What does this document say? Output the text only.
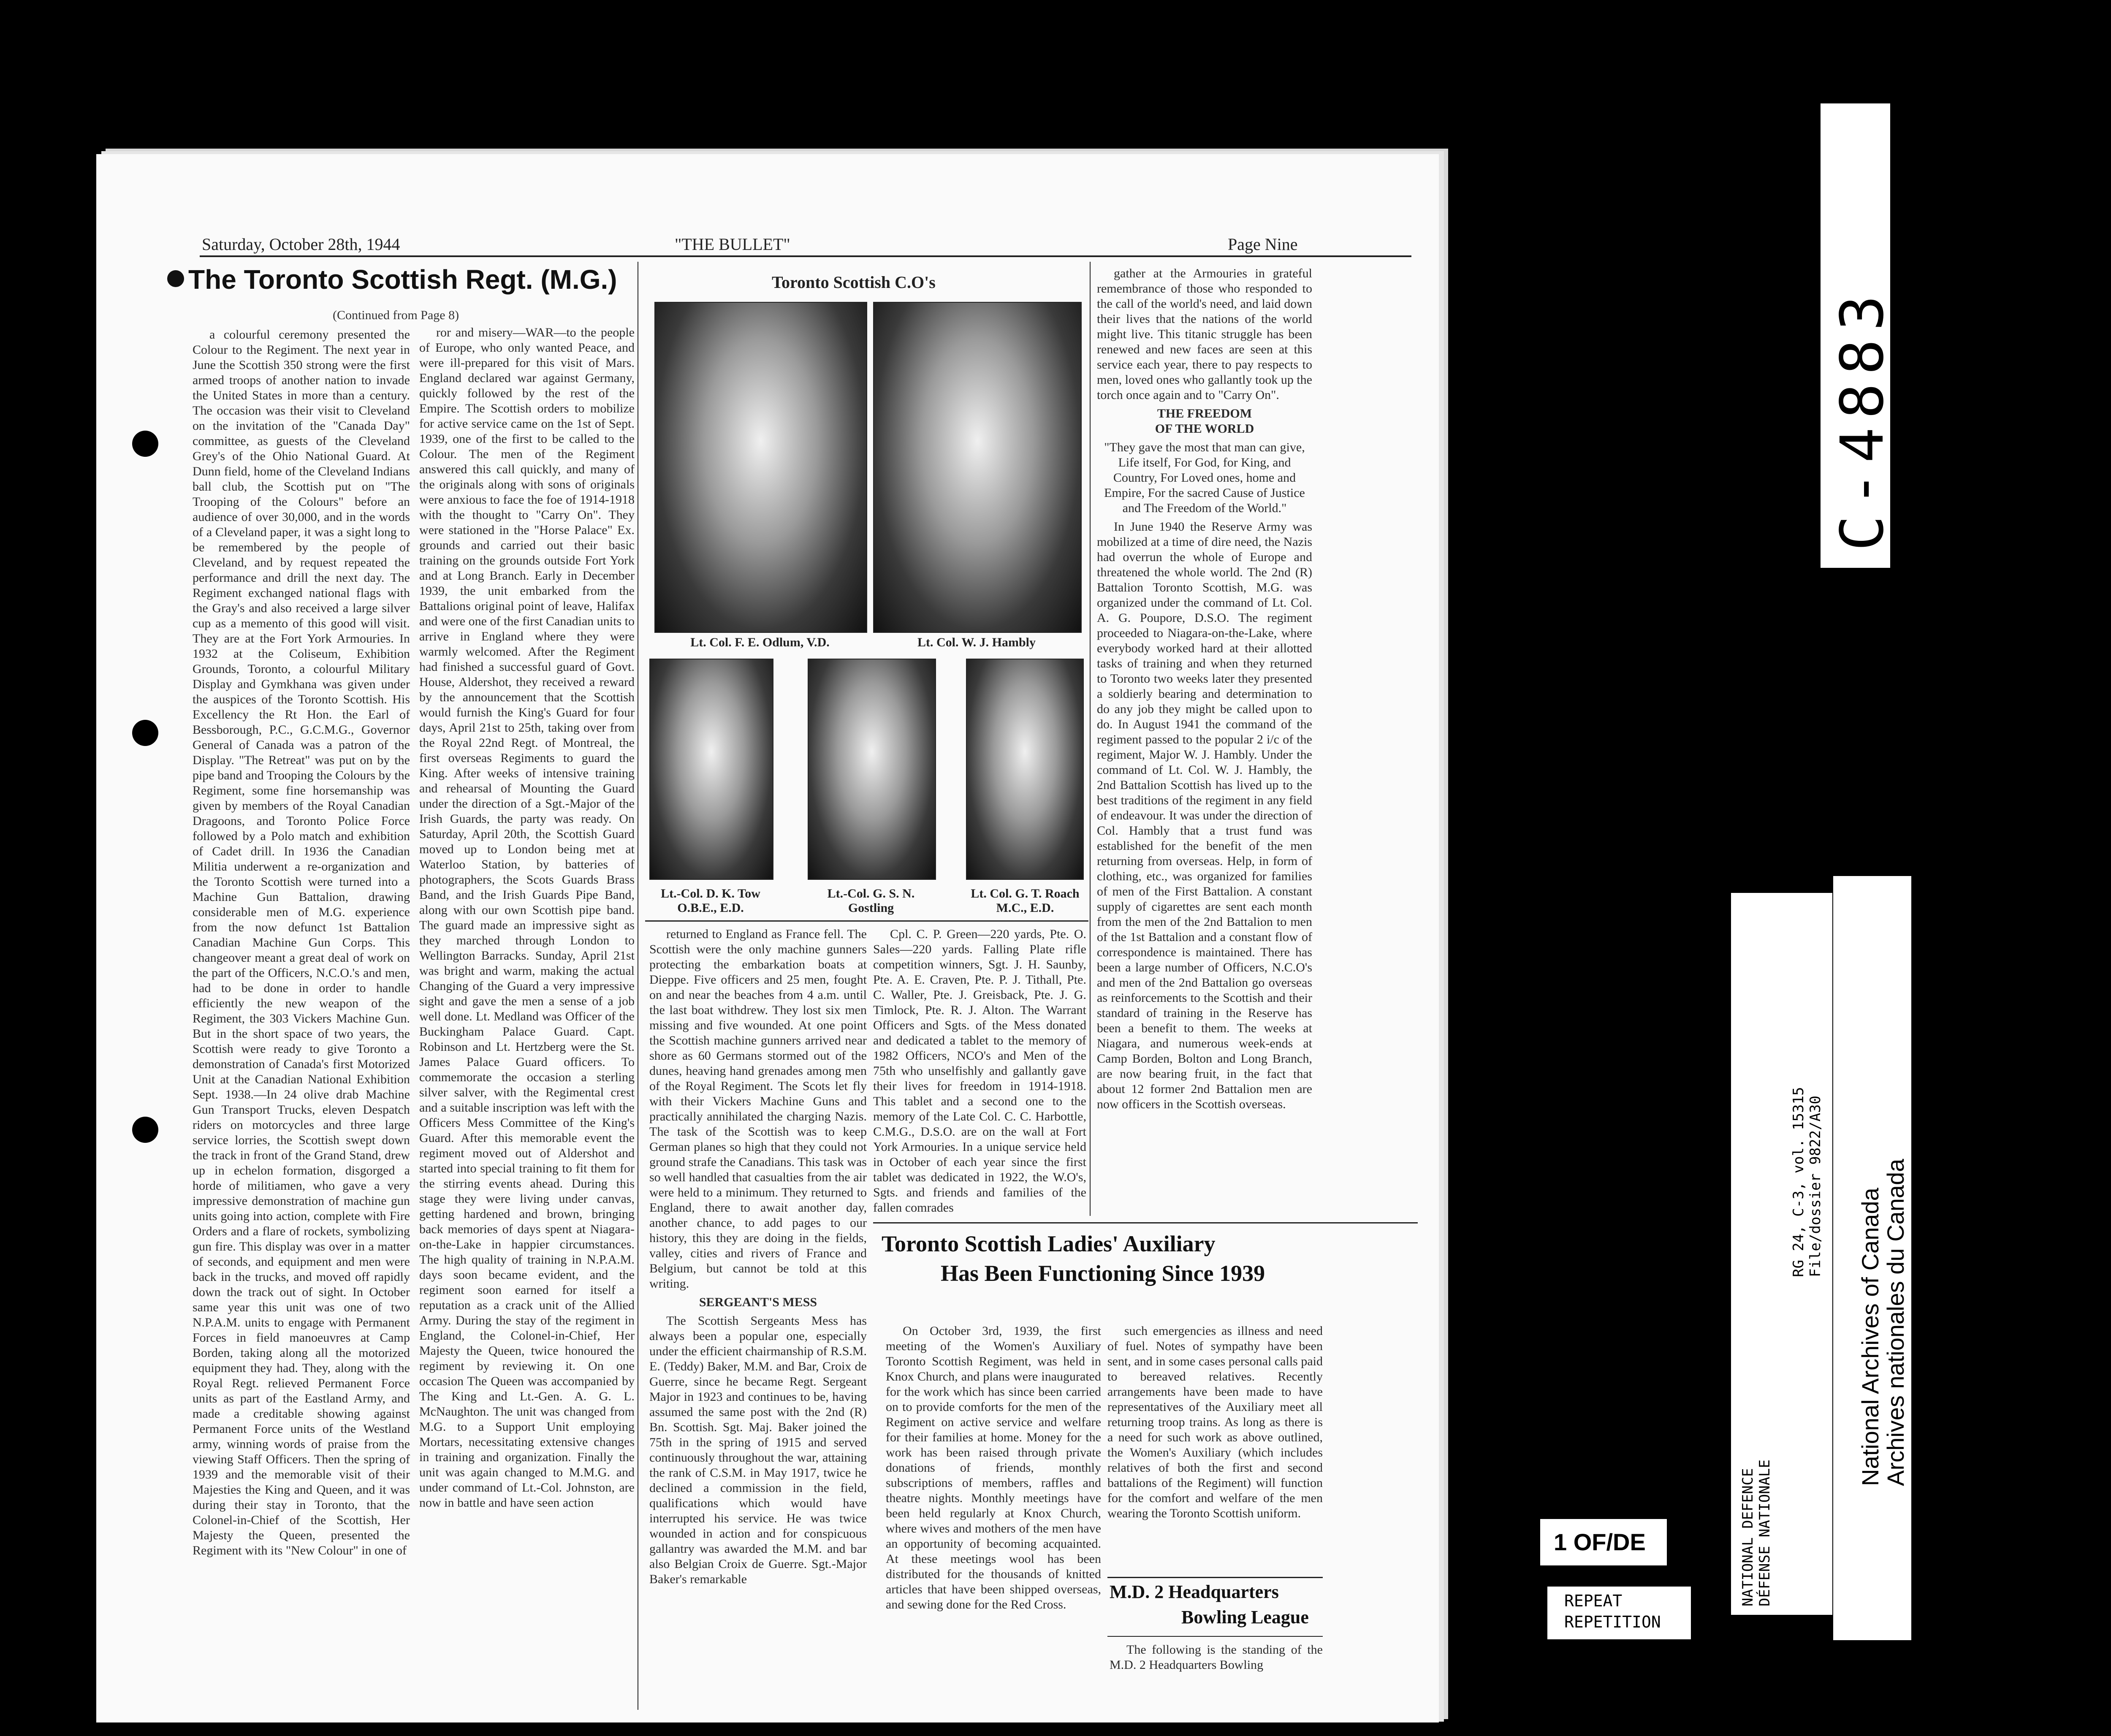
Saturday, October 28th, 1944	"THE BULLET"	Page Nine
The Toronto Scottish Regt. (M.G.)
(Continued from Page 8)

a colourful ceremony presented the Colour to the Regiment. The next year in June the Scottish 350 strong were the first armed troops of another nation to invade the United States in more than a century. The occasion was their visit to Cleveland on the invitation of the "Canada Day" committee, as guests of the Cleveland Grey's of the Ohio National Guard. At Dunn field, home of the Cleveland Indians ball club, the Scottish put on "The Trooping of the Colours" before an audience of over 30,000, and in the words of a Cleveland paper, it was a sight long to be remembered by the people of Cleveland, and by request repeated the performance and drill the next day. The Regiment exchanged national flags with the Gray's and also received a large silver cup as a memento of this good will visit. They are at the Fort York Armouries. In 1932 at the Coliseum, Exhibition Grounds, Toronto, a colourful Military Display and Gymkhana was given under the auspices of the Toronto Scottish. His Excellency the Rt Hon. the Earl of Bessborough, P.C., G.C.M.G., Governor General of Canada was a patron of the Display. "The Retreat" was put on by the pipe band and Trooping the Colours by the Regiment, some fine horsemanship was given by members of the Royal Canadian Dragoons, and Toronto Police Force followed by a Polo match and exhibition of Cadet drill. In 1936 the Canadian Militia underwent a re-organization and the Toronto Scottish were turned into a Machine Gun Battalion, drawing considerable men of M.G. experience from the now defunct 1st Battalion Canadian Machine Gun Corps. This changeover meant a great deal of work on the part of the Officers, N.C.O.'s and men, had to be done in order to handle efficiently the new weapon of the Regiment, the 303 Vickers Machine Gun. But in the short space of two years, the Scottish were ready to give Toronto a demonstration of Canada's first Motorized Unit at the Canadian National Exhibition Sept. 1938.—In 24 olive drab Machine Gun Transport Trucks, eleven Despatch riders on motorcycles and three large service lorries, the Scottish swept down the track in front of the Grand Stand, drew up in echelon formation, disgorged a horde of militiamen, who gave a very impressive demonstration of machine gun units going into action, complete with Fire Orders and a flare of rockets, symbolizing gun fire. This display was over in a matter of seconds, and equipment and men were back in the trucks, and moved off rapidly down the track out of sight. In October same year this unit was one of two N.P.A.M. units to engage with Permanent Forces in field manoeuvres at Camp Borden, taking along all the motorized equipment they had. They, along with the Royal Regt. relieved Permanent Force units as part of the Eastland Army, and made a creditable showing against Permanent Force units of the Westland army, winning words of praise from the viewing Staff Officers. Then the spring of 1939 and the memorable visit of their Majesties the King and Queen, and it was during their stay in Toronto, that the Colonel-in-Chief of the Scottish, Her Majesty the Queen, presented the Regiment with its "New Colour" in one of

ror and misery—WAR—to the people of Europe, who only wanted Peace, and were ill-prepared for this visit of Mars. England declared war against Germany, quickly followed by the rest of the Empire. The Scottish orders to mobilize for active service came on the 1st of Sept. 1939, one of the first to be called to the Colour. The men of the Regiment answered this call quickly, and many of the originals along with sons of originals were anxious to face the foe of 1914-1918 with the thought to "Carry On". They were stationed in the "Horse Palace" Ex. grounds and carried out their basic training on the grounds outside Fort York and at Long Branch. Early in December 1939, the unit embarked from the Battalions original point of leave, Halifax and were one of the first Canadian units to arrive in England where they were warmly welcomed. After the Regiment had finished a successful guard of Govt. House, Aldershot, they received a reward by the announcement that the Scottish would furnish the King's Guard for four days, April 21st to 25th, taking over from the Royal 22nd Regt. of Montreal, the first overseas Regiments to guard the King. After weeks of intensive training and rehearsal of Mounting the Guard under the direction of a Sgt.-Major of the Irish Guards, the party was ready. On Saturday, April 20th, the Scottish Guard moved up to London being met at Waterloo Station, by batteries of photographers, the Scots Guards Brass Band, and the Irish Guards Pipe Band, along with our own Scottish pipe band. The guard made an impressive sight as they marched through London to Wellington Barracks. Sunday, April 21st was bright and warm, making the actual Changing of the Guard a very impressive sight and gave the men a sense of a job well done. Lt. Medland was Officer of the Buckingham Palace Guard. Capt. Robinson and Lt. Hertzberg were the St. James Palace Guard officers. To commemorate the occasion a sterling silver salver, with the Regimental crest and a suitable inscription was left with the Officers Mess Committee of the King's Guard. After this memorable event the regiment moved out of Aldershot and started into special training to fit them for the stirring events ahead. During this stage they were living under canvas, getting hardened and brown, bringing back memories of days spent at Niagara-on-the-Lake in happier circumstances. The high quality of training in N.P.A.M. days soon became evident, and the regiment soon earned for itself a reputation as a crack unit of the Allied Army. During the stay of the regiment in England, the Colonel-in-Chief, Her Majesty the Queen, twice honoured the regiment by reviewing it. On one occasion The Queen was accompanied by The King and Lt.-Gen. A. G. L. McNaughton. The unit was changed from M.G. to a Support Unit employing Mortars, necessitating extensive changes in training and organization. Finally the unit was again changed to M.M.G. and under command of Lt.-Col. Johnston, are now in battle and have seen action

Toronto Scottish C.O's
Lt. Col. F. E. Odlum, V.D.	Lt. Col. W. J. Hambly
Lt.-Col. D. K. Tow
O.B.E., E.D.
Lt.-Col. G. S. N.
Gostling
Lt. Col. G. T. Roach
M.C., E.D.

returned to England as France fell. The Scottish were the only machine gunners protecting the embarkation boats at Dieppe. Five officers and 25 men, fought on and near the beaches from 4 a.m. until the last boat withdrew. They lost six men missing and five wounded. At one point the Scottish machine gunners arrived near shore as 60 Germans stormed out of the dunes, heaving hand grenades among men of the Royal Regiment. The Scots let fly with their Vickers Machine Guns and practically annihilated the charging Nazis. The task of the Scottish was to keep German planes so high that they could not ground strafe the Canadians. This task was so well handled that casualties from the air were held to a minimum. They returned to England, there to await another day, another chance, to add pages to our history, this they are doing in the fields, valley, cities and rivers of France and Belgium, but cannot be told at this writing.

SERGEANT'S MESS

The Scottish Sergeants Mess has always been a popular one, especially under the efficient chairmanship of R.S.M. E. (Teddy) Baker, M.M. and Bar, Croix de Guerre, since he became Regt. Sergeant Major in 1923 and continues to be, having assumed the same post with the 2nd (R) Bn. Scottish. Sgt. Maj. Baker joined the 75th in the spring of 1915 and served continuously throughout the war, attaining the rank of C.S.M. in May 1917, twice he declined a commission in the field, qualifications which would have interrupted his service. He was twice wounded in action and for conspicuous gallantry was awarded the M.M. and bar also Belgian Croix de Guerre. Sgt.-Major Baker's remarkable

Cpl. C. P. Green—220 yards, Pte. O. Sales—220 yards. Falling Plate rifle competition winners, Sgt. J. H. Saunby, Pte. A. E. Craven, Pte. P. J. Tithall, Pte. C. Waller, Pte. J. Greisback, Pte. J. G. Timlock, Pte. R. J. Alton. The Warrant Officers and Sgts. of the Mess donated and dedicated a tablet to the memory of 1982 Officers, NCO's and Men of the 75th who unselfishly and gallantly gave their lives for freedom in 1914-1918. This tablet and a second one to the memory of the Late Col. C. C. Harbottle, C.M.G., D.S.O. are on the wall at Fort York Armouries. In a unique service held in October of each year since the first tablet was dedicated in 1922, the W.O's, Sgts. and friends and families of the fallen comrades

gather at the Armouries in grateful remembrance of those who responded to the call of the world's need, and laid down their lives that the nations of the world might live. This titanic struggle has been renewed and new faces are seen at this service each year, there to pay respects to men, loved ones who gallantly took up the torch once again and to "Carry On".

THE FREEDOM

OF THE WORLD

"They gave the most that man can give, Life itself, For God, for King, and Country, For Loved ones, home and Empire, For the sacred Cause of Justice and The Freedom of the World."

In June 1940 the Reserve Army was mobilized at a time of dire need, the Nazis had overrun the whole of Europe and threatened the whole world. The 2nd (R) Battalion Toronto Scottish, M.G. was organized under the command of Lt. Col. A. G. Poupore, D.S.O. The regiment proceeded to Niagara-on-the-Lake, where everybody worked hard at their allotted tasks of training and when they returned to Toronto two weeks later they presented a soldierly bearing and determination to do any job they might be called upon to do. In August 1941 the command of the regiment passed to the popular 2 i/c of the regiment, Major W. J. Hambly. Under the command of Lt. Col. W. J. Hambly, the 2nd Battalion Scottish has lived up to the best traditions of the regiment in any field of endeavour. It was under the direction of Col. Hambly that a trust fund was established for the benefit of the men returning from overseas. Help, in form of clothing, etc., was organized for families of men of the First Battalion. A constant supply of cigarettes are sent each month from the men of the 2nd Battalion to men of the 1st Battalion and a constant flow of correspondence is maintained. There has been a large number of Officers, N.C.O's and men of the 2nd Battalion go overseas as reinforcements to the Scottish and their standard of training in the Reserve has been a benefit to them. The weeks at Niagara, and numerous week-ends at Camp Borden, Bolton and Long Branch, are now bearing fruit, in the fact that about 12 former 2nd Battalion men are now officers in the Scottish overseas.

Toronto Scottish Ladies' Auxiliary
Has Been Functioning Since 1939

On October 3rd, 1939, the first meeting of the Women's Auxiliary Toronto Scottish Regiment, was held in Knox Church, and plans were inaugurated for the work which has since been carried on to provide comforts for the men of the Regiment on active service and welfare for their families at home. Money for the work has been raised through private donations of friends, monthly subscriptions of members, raffles and theatre nights. Monthly meetings have been held regularly at Knox Church, where wives and mothers of the men have an opportunity of becoming acquainted. At these meetings wool has been distributed for the thousands of knitted articles that have been shipped overseas, and sewing done for the Red Cross.

such emergencies as illness and need of fuel. Notes of sympathy have been sent, and in some cases personal calls paid to bereaved relatives. Recently arrangements have been made to have representatives of the Auxiliary meet all returning troop trains. As long as there is a need for such work as above outlined, the Women's Auxiliary (which includes relatives of both the first and second battalions of the Regiment) will function for the comfort and welfare of the men wearing the Toronto Scottish uniform.

M.D. 2 Headquarters
Bowling League

The following is the standing of the M.D. 2 Headquarters Bowling

C-4883
1 OF/DE
REPEAT
REPETITION
NATIONAL DEFENCE DÉFENSE NATIONALE
RG 24, C-3, vol. 15315 File/dossier 9822/A30
National Archives of Canada
Archives nationales du Canada
